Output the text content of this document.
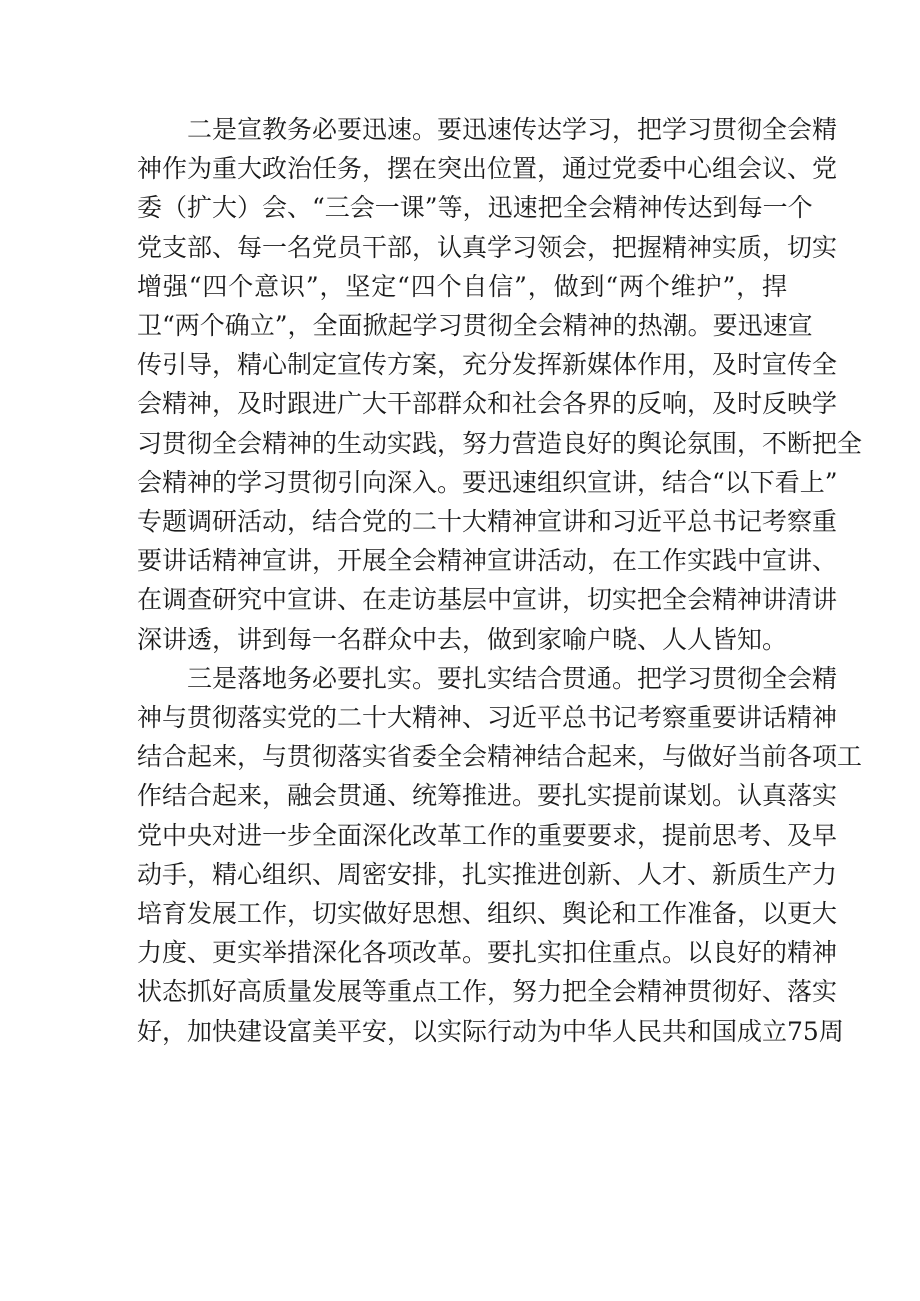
二是宣教务必要迅速。要迅速传达学习，把学习贯彻全会精
神作为重大政治任务，摆在突出位置，通过党委中心组会议、党
委（扩大）会、“三会一课”等，迅速把全会精神传达到每一个
党支部、每一名党员干部，认真学习领会，把握精神实质，切实
增强“四个意识”，坚定“四个自信”，做到“两个维护”，捍
卫“两个确立”，全面掀起学习贯彻全会精神的热潮。要迅速宣
传引导，精心制定宣传方案，充分发挥新媒体作用，及时宣传全
会精神，及时跟进广大干部群众和社会各界的反响，及时反映学
习贯彻全会精神的生动实践，努力营造良好的舆论氛围，不断把全
会精神的学习贯彻引向深入。要迅速组织宣讲，结合“以下看上”
专题调研活动，结合党的二十大精神宣讲和习近平总书记考察重
要讲话精神宣讲，开展全会精神宣讲活动，在工作实践中宣讲、
在调查研究中宣讲、在走访基层中宣讲，切实把全会精神讲清讲
深讲透，讲到每一名群众中去，做到家喻户晓、人人皆知。

三是落地务必要扎实。要扎实结合贯通。把学习贯彻全会精
神与贯彻落实党的二十大精神、习近平总书记考察重要讲话精神
结合起来，与贯彻落实省委全会精神结合起来，与做好当前各项工
作结合起来，融会贯通、统筹推进。要扎实提前谋划。认真落实
党中央对进一步全面深化改革工作的重要要求，提前思考、及早
动手，精心组织、周密安排，扎实推进创新、人才、新质生产力
培育发展工作，切实做好思想、组织、舆论和工作准备，以更大
力度、更实举措深化各项改革。要扎实扣住重点。以良好的精神
状态抓好高质量发展等重点工作，努力把全会精神贯彻好、落实
好，加快建设富美平安，以实际行动为中华人民共和国成立75周
